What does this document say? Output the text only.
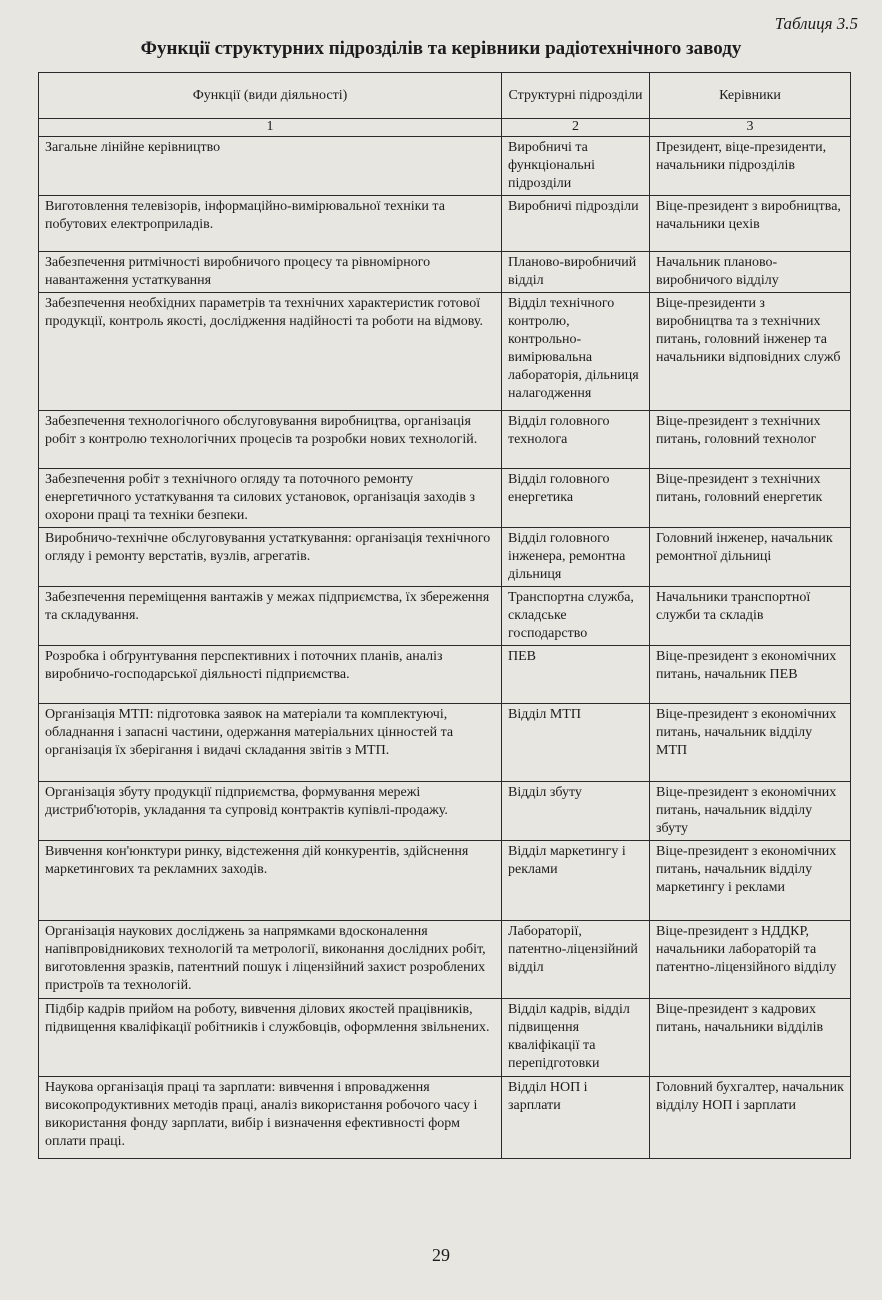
Таблиця 3.5
Функції структурних підрозділів та керівники радіотехнічного заводу
Функції (види діяльності)	Структурні підрозділи	Керівники
1	2	3
Загальне лінійне керівництво	Виробничі та функціональні підрозділи	Президент, віце-президенти, начальники підрозділів
Виготовлення телевізорів, інформаційно-вимірювальної техніки та побутових електроприладів.	Виробничі підрозділи	Віце-президент з виробництва, начальники цехів
Забезпечення ритмічності виробничого процесу та рівномірного навантаження устаткування	Планово-виробничий відділ	Начальник планово-виробничого відділу
Забезпечення необхідних параметрів та технічних характеристик готової продукції, контроль якості, дослідження надійності та роботи на відмову.	Відділ технічного контролю, контрольно-вимірювальна лабораторія, дільниця налагодження	Віце-президенти з виробництва та з технічних питань, головний інженер та начальники відповідних служб
Забезпечення технологічного обслуговування виробництва, організація робіт з контролю технологічних процесів та розробки нових технологій.	Відділ головного технолога	Віце-президент з технічних питань, головний технолог
Забезпечення робіт з технічного огляду та поточного ремонту енергетичного устаткування та силових установок, організація заходів з охорони праці та техніки безпеки.	Відділ головного енергетика	Віце-президент з технічних питань, головний енергетик
Виробничо-технічне обслуговування устаткування: організація технічного огляду і ремонту верстатів, вузлів, агрегатів.	Відділ головного інженера, ремонтна дільниця	Головний інженер, начальник ремонтної дільниці
Забезпечення переміщення вантажів у межах підприємства, їх збереження та складування.	Транспортна служба, складське господарство	Начальники транспортної служби та складів
Розробка і обґрунтування перспективних і поточних планів, аналіз виробничо-господарської діяльності підприємства.	ПЕВ	Віце-президент з економічних питань, начальник ПЕВ
Організація МТП: підготовка заявок на матеріали та комплектуючі, обладнання і запасні частини, одержання матеріальних цінностей та організація їх зберігання і видачі складання звітів з МТП.	Відділ МТП	Віце-президент з економічних питань, начальник відділу МТП
Організація збуту продукції підприємства, формування мережі дистриб'юторів, укладання та супровід контрактів купівлі-продажу.	Відділ збуту	Віце-президент з економічних питань, начальник відділу збуту
Вивчення кон'юнктури ринку, відстеження дій конкурентів, здійснення маркетингових та рекламних заходів.	Відділ маркетингу і реклами	Віце-президент з економічних питань, начальник відділу маркетингу і реклами
Організація наукових досліджень за напрямками вдосконалення напівпровідникових технологій та метрології, виконання дослідних робіт, виготовлення зразків, патентний пошук і ліцензійний захист розроблених пристроїв та технологій.	Лабораторії, патентно-ліцензійний відділ	Віце-президент з НДДКР, начальники лабораторій та патентно-ліцензійного відділу
Підбір кадрів прийом на роботу, вивчення ділових якостей працівників, підвищення кваліфікації робітників і службовців, оформлення звільнених.	Відділ кадрів, відділ підвищення кваліфікації та перепідготовки	Віце-президент з кадрових питань, начальники відділів
Наукова організація праці та зарплати: вивчення і впровадження високопродуктивних методів праці, аналіз використання робочого часу і використання фонду зарплати, вибір і визначення ефективності форм оплати праці.	Відділ НОП і зарплати	Головний бухгалтер, начальник відділу НОП і зарплати
29
